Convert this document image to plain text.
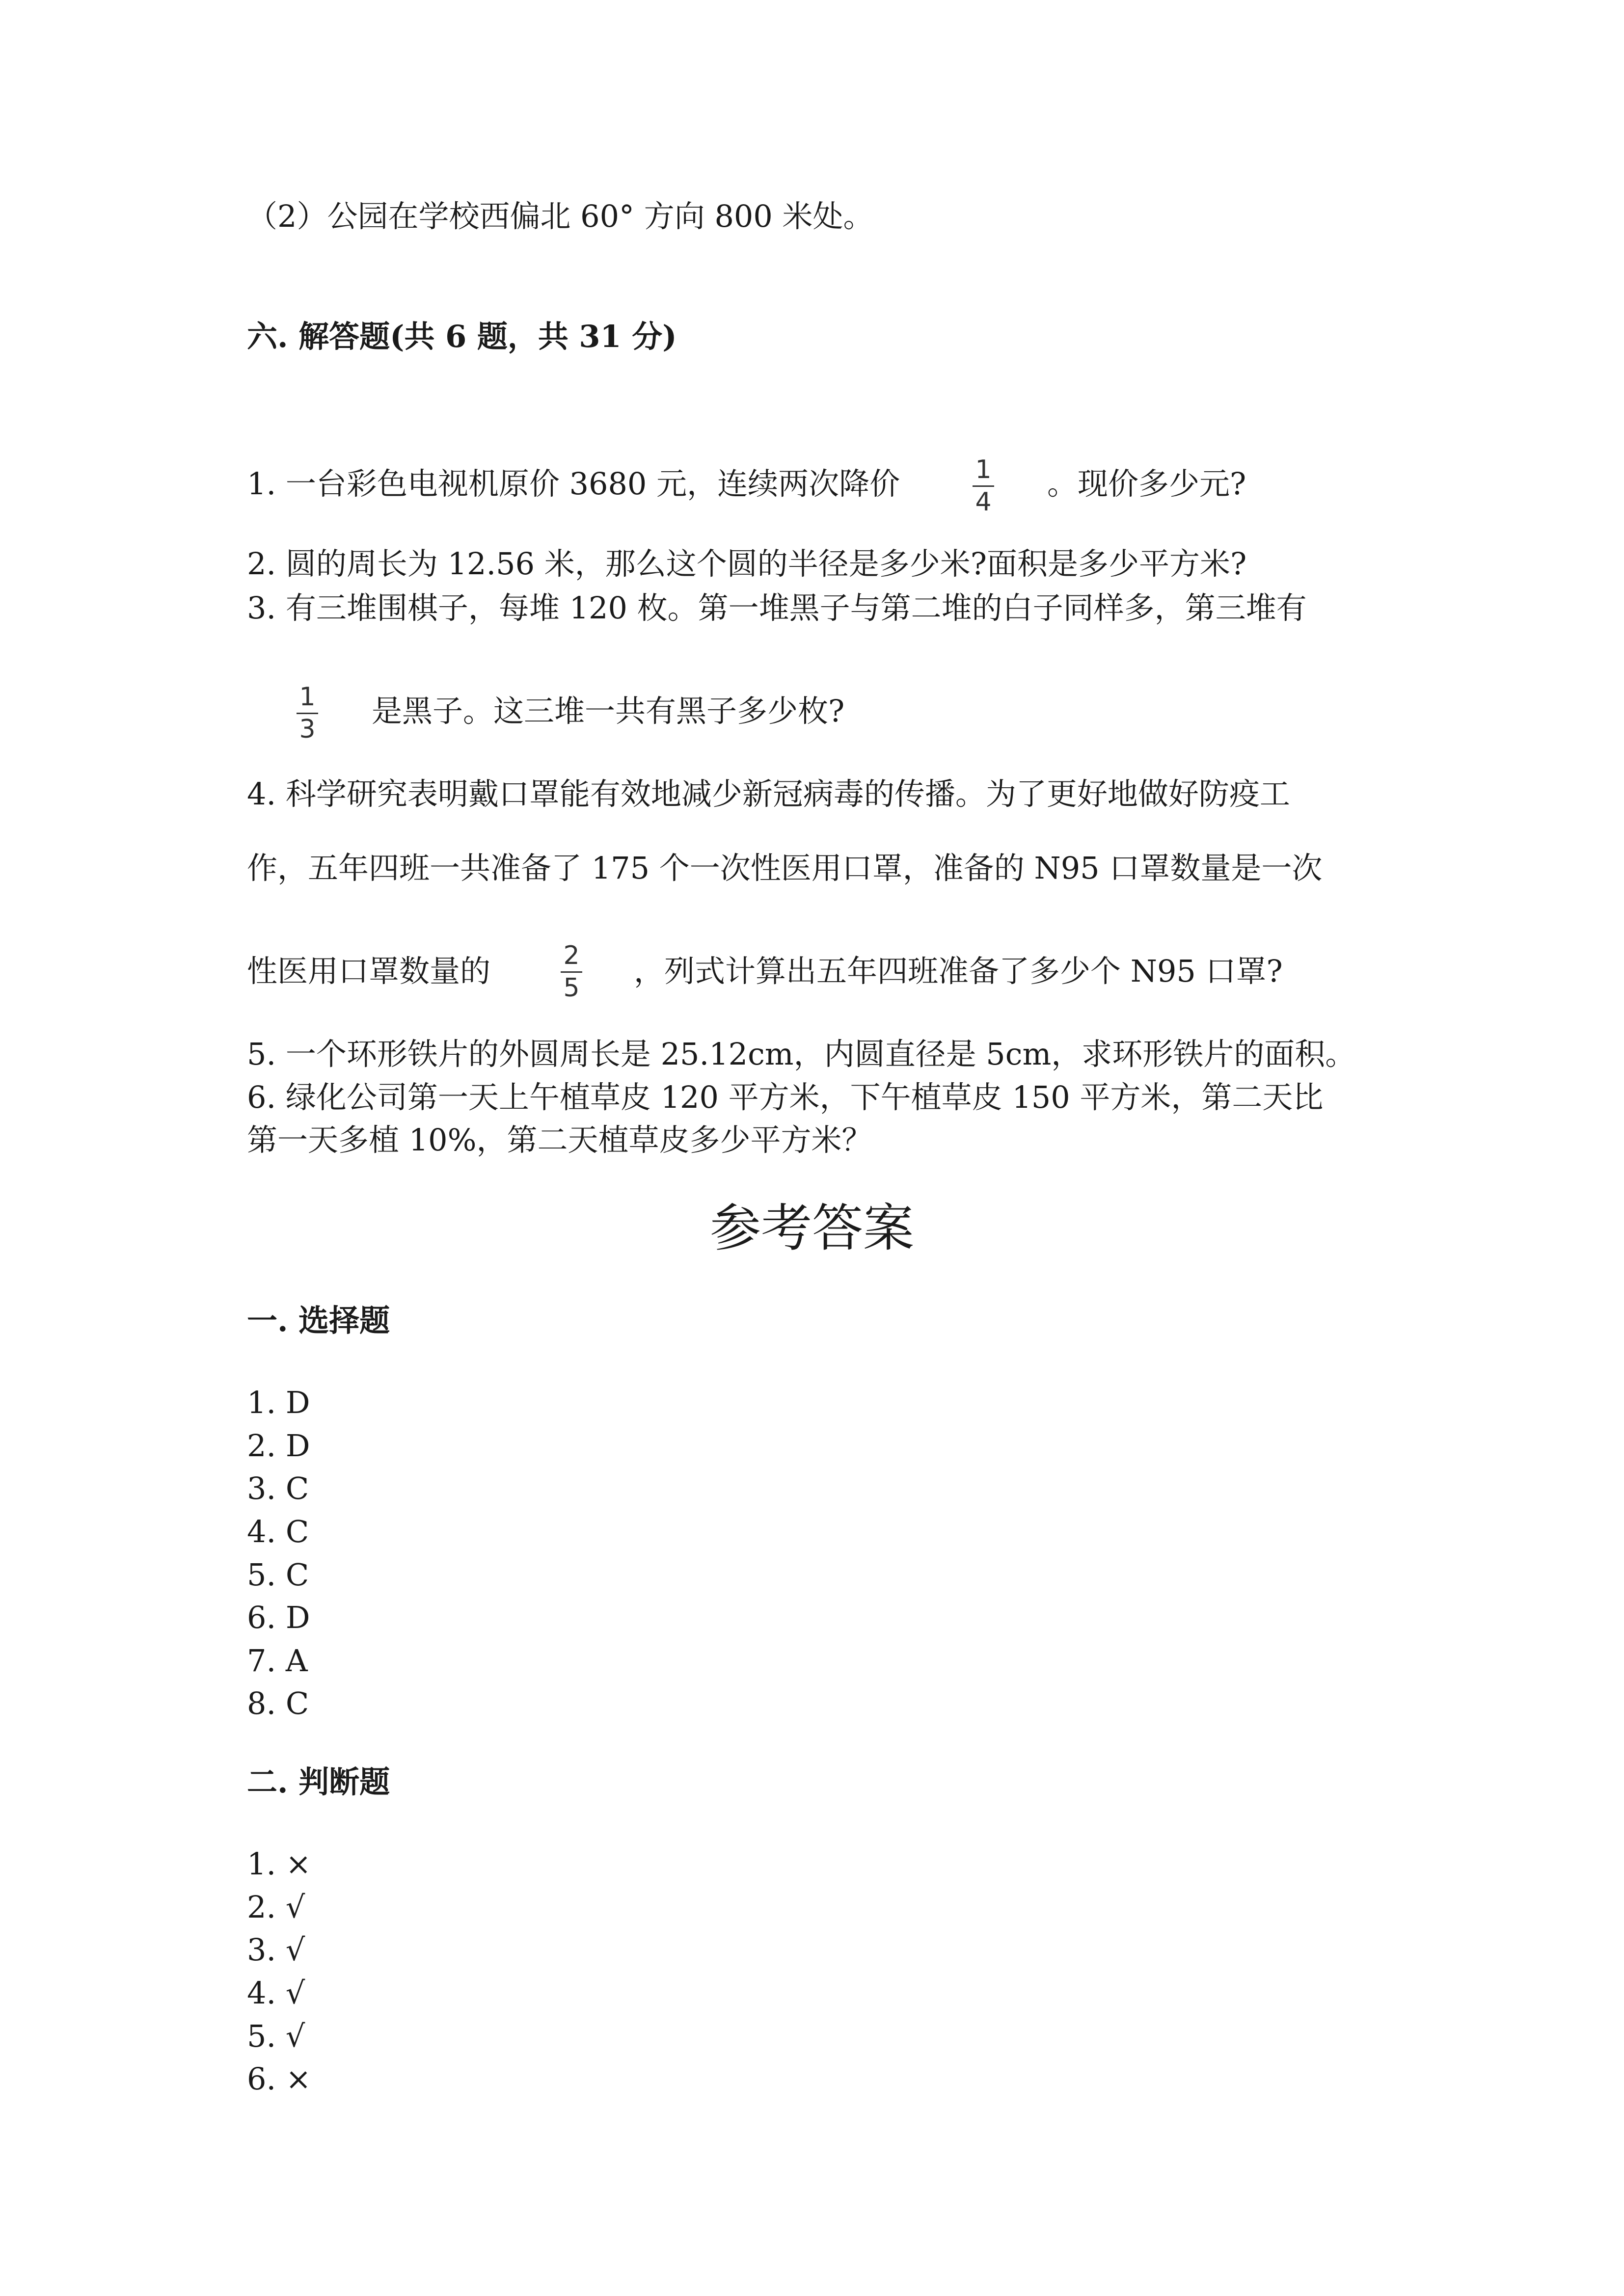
（2）公园在学校西偏北 60° 方向 800 米处。
六. 解答题(共 6 题，共 31 分)
1. 一台彩色电视机原价 3680 元，连续两次降价	1
4
。现价多少元?
2. 圆的周长为 12.56 米，那么这个圆的半径是多少米?面积是多少平方米?
3. 有三堆围棋子，每堆 120 枚。第一堆黑子与第二堆的白子同样多，第三堆有
1
3
是黑子。这三堆一共有黑子多少枚?
4. 科学研究表明戴口罩能有效地减少新冠病毒的传播。为了更好地做好防疫工
作，五年四班一共准备了 175 个一次性医用口罩，准备的 N95 口罩数量是一次
性医用口罩数量的	2
5 ，列式计算出五年四班准备了多少个 N95 口罩?
5. 一个环形铁片的外圆周长是 25.12cm，内圆直径是 5cm，求环形铁片的面积。
6. 绿化公司第一天上午植草皮 120 平方米，下午植草皮 150 平方米，第二天比
第一天多植 10%，第二天植草皮多少平方米？
参考答案
一. 选择题
1. D
2. D
3. C
4. C
5. C
6. D
7. A
8. C
二. 判断题
1. ×
2. √
3. √
4. √
5. √
6. ×
